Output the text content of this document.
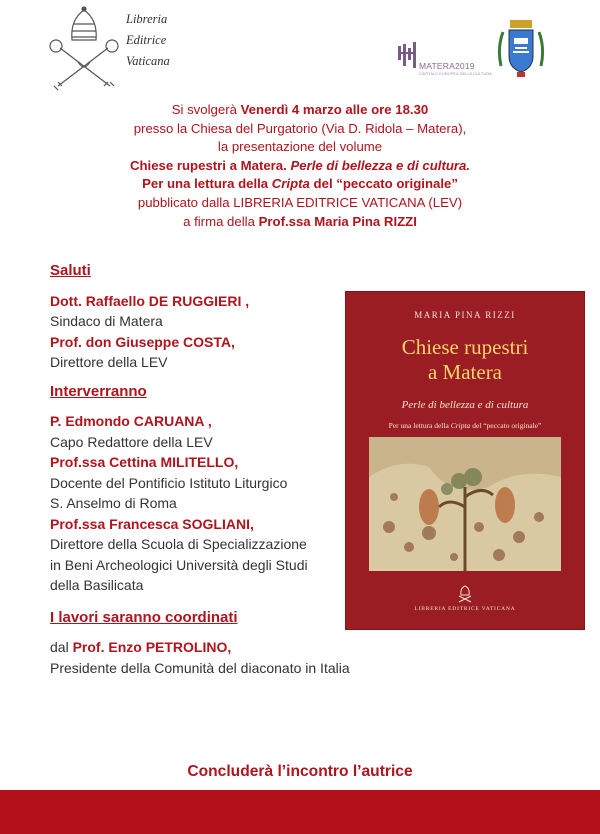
Libreria
Editrice
Vaticana	MATERA2019
CAPITALE EUROPEA DELLA CULTURA
Si svolgerà Venerdì 4 marzo alle ore 18.30
presso la Chiesa del Purgatorio (Via D. Ridola – Matera),
la presentazione del volume
Chiese rupestri a Matera. Perle di bellezza e di cultura.
Per una lettura della Cripta del “peccato originale”
pubblicato dalla LIBRERIA EDITRICE VATICANA (LEV)
a firma della Prof.ssa Maria Pina RIZZI
Saluti
Dott. Raffaello DE RUGGIERI ,
Sindaco di Matera
Prof. don Giuseppe COSTA,
Direttore della LEV
Interverranno
P. Edmondo CARUANA ,
Capo Redattore della LEV
Prof.ssa Cettina MILITELLO,
Docente del Pontificio Istituto Liturgico
S. Anselmo di Roma
Prof.ssa Francesca SOGLIANI,
Direttore della Scuola di Specializzazione
in Beni Archeologici Università degli Studi
della Basilicata
I lavori saranno coordinati
dal Prof. Enzo PETROLINO,
Presidente della Comunità del diaconato in Italia
MARIA PINA RIZZI
Chiese rupestri
a Matera
Perle di bellezza e di cultura
Per una lettura della Cripta del “peccato originale”
LIBRERIA EDITRICE VATICANA
Concluderà l’incontro l’autrice
